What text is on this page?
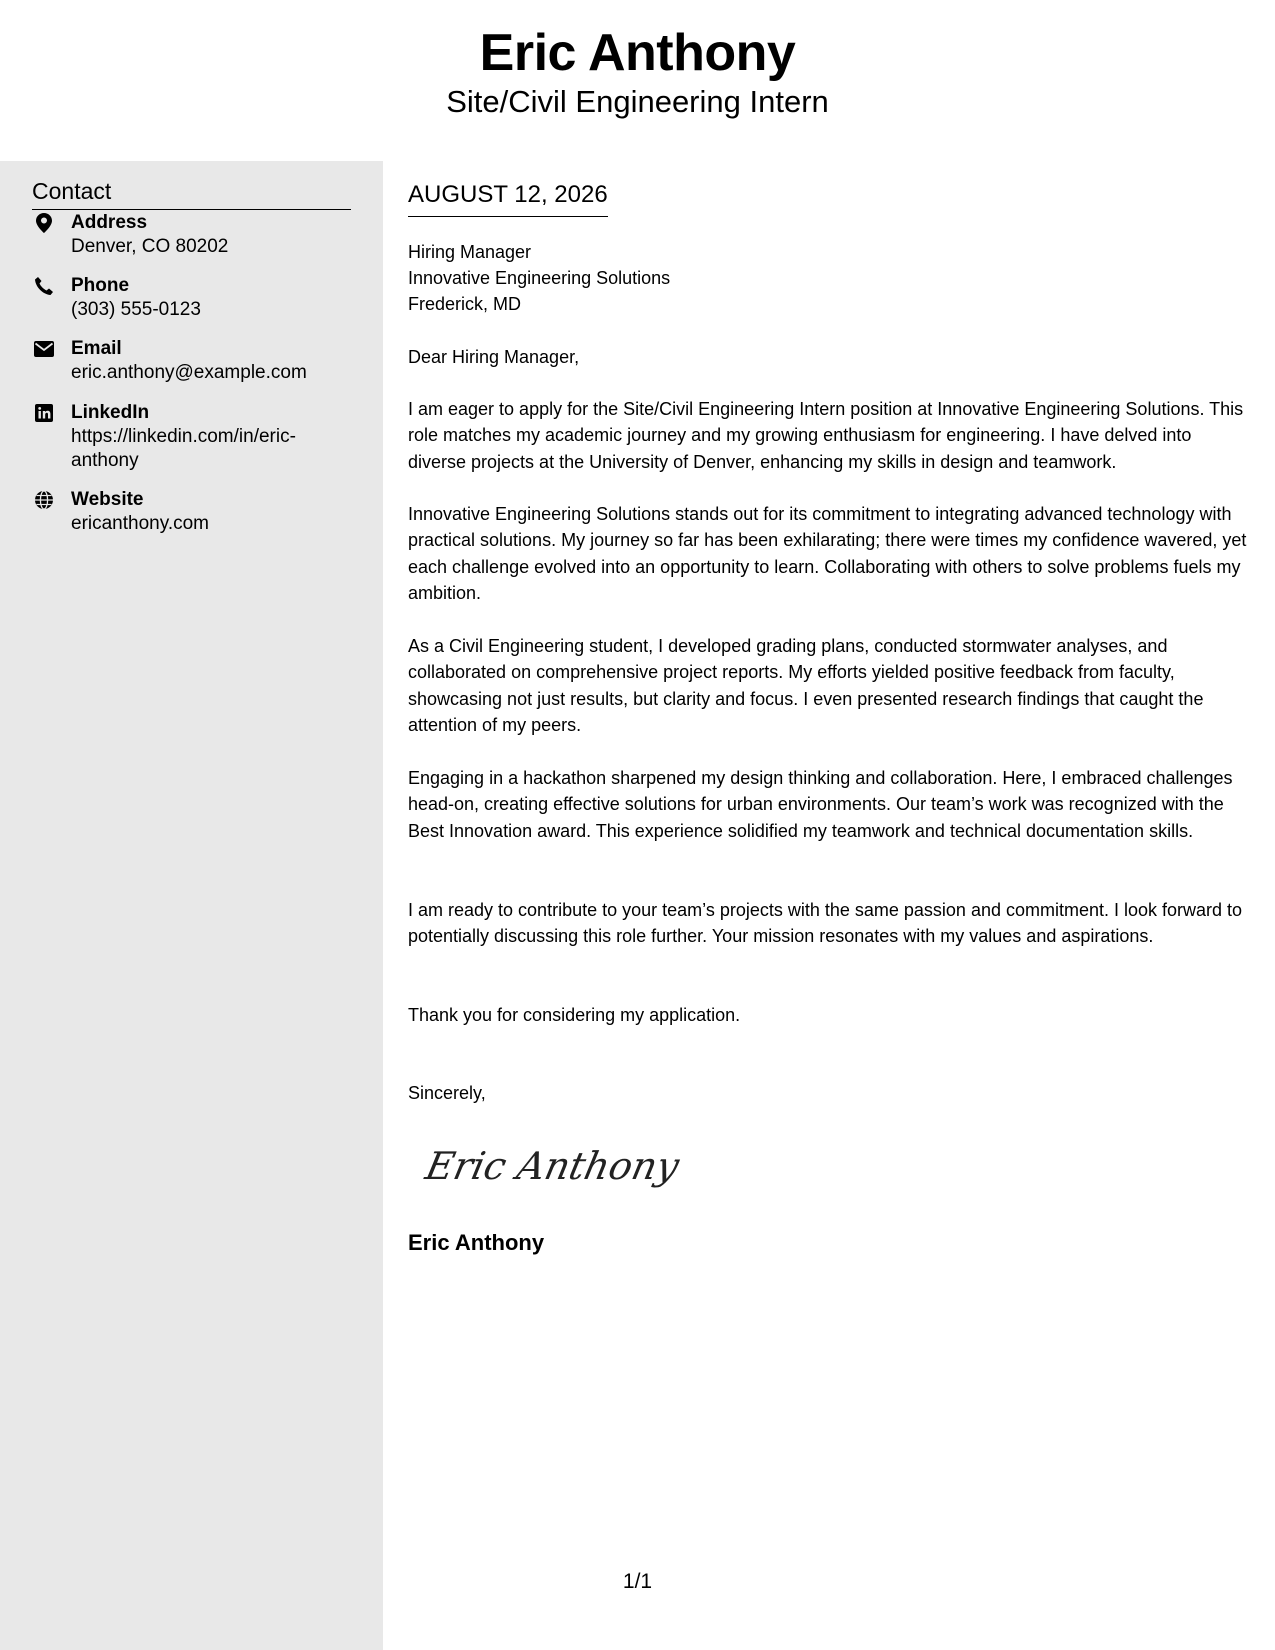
Eric Anthony
Site/Civil Engineering Intern
Contact
Address
Denver, CO 80202
Phone
(303) 555-0123
Email
eric.anthony@example.com
LinkedIn
https://linkedin.com/in/eric-anthony
Website
ericanthony.com
AUGUST 12, 2026
Hiring Manager
Innovative Engineering Solutions
Frederick, MD
Dear Hiring Manager,
I am eager to apply for the Site/Civil Engineering Intern position at Innovative Engineering Solutions. This role matches my academic journey and my growing enthusiasm for engineering. I have delved into diverse projects at the University of Denver, enhancing my skills in design and teamwork.
Innovative Engineering Solutions stands out for its commitment to integrating advanced technology with practical solutions. My journey so far has been exhilarating; there were times my confidence wavered, yet each challenge evolved into an opportunity to learn. Collaborating with others to solve problems fuels my ambition.
As a Civil Engineering student, I developed grading plans, conducted stormwater analyses, and collaborated on comprehensive project reports. My efforts yielded positive feedback from faculty, showcasing not just results, but clarity and focus. I even presented research findings that caught the attention of my peers.
Engaging in a hackathon sharpened my design thinking and collaboration. Here, I embraced challenges head-on, creating effective solutions for urban environments. Our team’s work was recognized with the Best Innovation award. This experience solidified my teamwork and technical documentation skills.
I am ready to contribute to your team’s projects with the same passion and commitment. I look forward to potentially discussing this role further. Your mission resonates with my values and aspirations.
Thank you for considering my application.
Sincerely,
Eric Anthony
Eric Anthony
1/1
